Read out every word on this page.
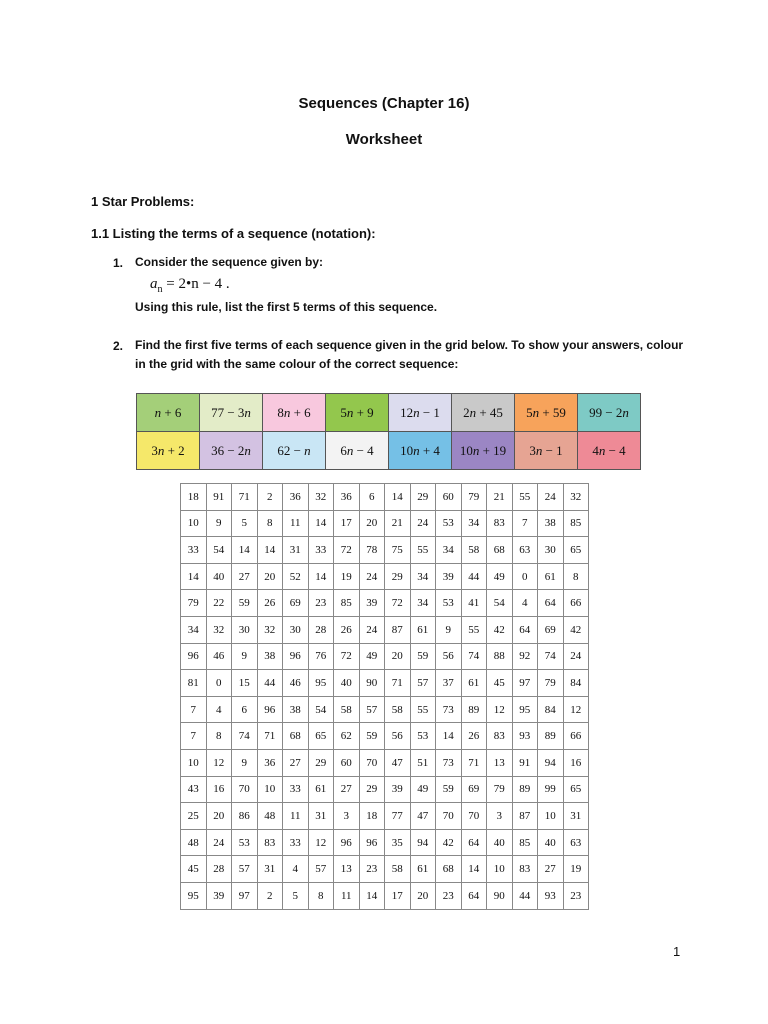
Sequences (Chapter 16)
Worksheet
1 Star Problems:
1.1 Listing the terms of a sequence (notation):
1. Consider the sequence given by:
$a_n$ = 2•n − 4 .
Using this rule, list the first 5 terms of this sequence.
2. Find the first five terms of each sequence given in the grid below. To show your answers, colour
in the grid with the same colour of the correct sequence:
n + 6	77 − 3n	8n + 6	5n + 9	12n − 1	2n + 45	5n + 59	99 − 2n
3n + 2	36 − 2n	62 − n	6n − 4	10n + 4	10n + 19	3n − 1	4n − 4
18	91	71	2	36	32	36	6	14	29	60	79	21	55	24	32
10	9	5	8	11	14	17	20	21	24	53	34	83	7	38	85
33	54	14	14	31	33	72	78	75	55	34	58	68	63	30	65
14	40	27	20	52	14	19	24	29	34	39	44	49	0	61	8
79	22	59	26	69	23	85	39	72	34	53	41	54	4	64	66
34	32	30	32	30	28	26	24	87	61	9	55	42	64	69	42
96	46	9	38	96	76	72	49	20	59	56	74	88	92	74	24
81	0	15	44	46	95	40	90	71	57	37	61	45	97	79	84
7	4	6	96	38	54	58	57	58	55	73	89	12	95	84	12
7	8	74	71	68	65	62	59	56	53	14	26	83	93	89	66
10	12	9	36	27	29	60	70	47	51	73	71	13	91	94	16
43	16	70	10	33	61	27	29	39	49	59	69	79	89	99	65
25	20	86	48	11	31	3	18	77	47	70	70	3	87	10	31
48	24	53	83	33	12	96	96	35	94	42	64	40	85	40	63
45	28	57	31	4	57	13	23	58	61	68	14	10	83	27	19
95	39	97	2	5	8	11	14	17	20	23	64	90	44	93	23
1
